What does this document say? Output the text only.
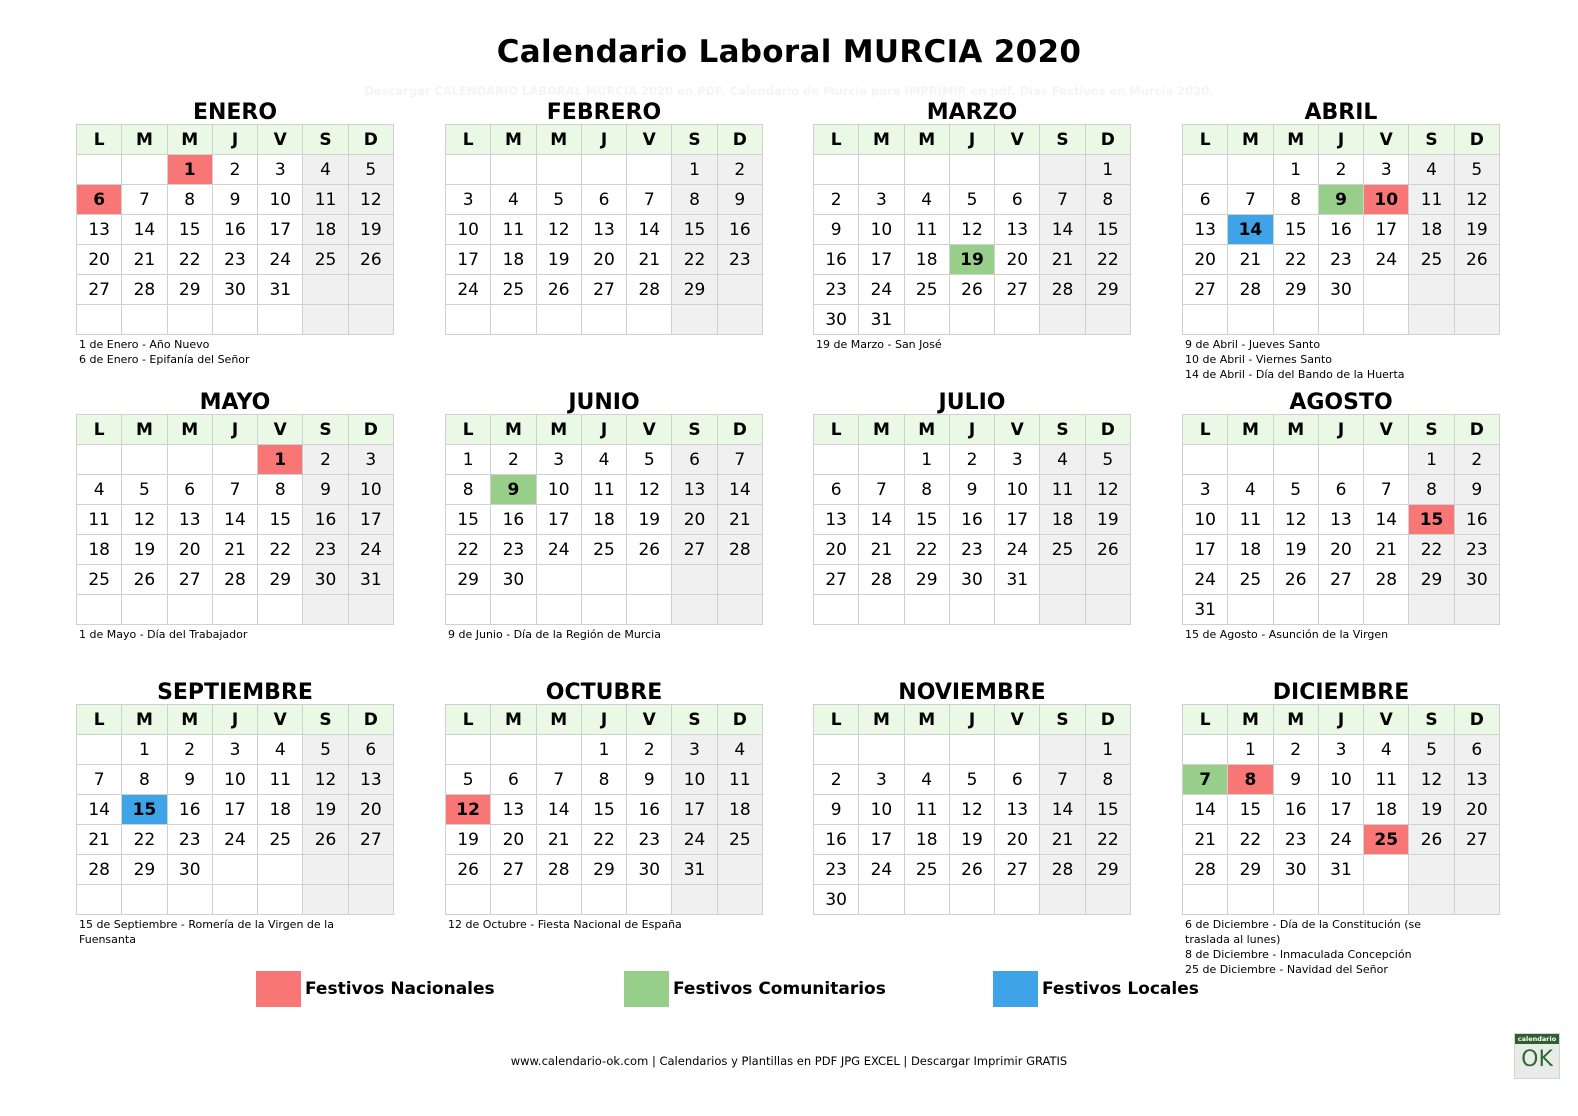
Calendario Laboral MURCIA 2020
Descargar CALENDARIO LABORAL MURCIA 2020 en PDF. Calendario de Murcia para IMPRIMIR en pdf. Días Festivos en Murcia 2020.
ENERO
L	M	M	J	V	S	D
		1	2	3	4	5
6	7	8	9	10	11	12
13	14	15	16	17	18	19
20	21	22	23	24	25	26
27	28	29	30	31		

1 de Enero - Año Nuevo
6 de Enero - Epifanía del Señor
FEBRERO
L	M	M	J	V	S	D
					1	2
3	4	5	6	7	8	9
10	11	12	13	14	15	16
17	18	19	20	21	22	23
24	25	26	27	28	29	

MARZO
L	M	M	J	V	S	D
						1
2	3	4	5	6	7	8
9	10	11	12	13	14	15
16	17	18	19	20	21	22
23	24	25	26	27	28	29
30	31					
19 de Marzo - San José
ABRIL
L	M	M	J	V	S	D
		1	2	3	4	5
6	7	8	9	10	11	12
13	14	15	16	17	18	19
20	21	22	23	24	25	26
27	28	29	30			

9 de Abril - Jueves Santo
10 de Abril - Viernes Santo
14 de Abril - Día del Bando de la Huerta
MAYO
L	M	M	J	V	S	D
				1	2	3
4	5	6	7	8	9	10
11	12	13	14	15	16	17
18	19	20	21	22	23	24
25	26	27	28	29	30	31

1 de Mayo - Día del Trabajador
JUNIO
L	M	M	J	V	S	D
1	2	3	4	5	6	7
8	9	10	11	12	13	14
15	16	17	18	19	20	21
22	23	24	25	26	27	28
29	30					

9 de Junio - Día de la Región de Murcia
JULIO
L	M	M	J	V	S	D
		1	2	3	4	5
6	7	8	9	10	11	12
13	14	15	16	17	18	19
20	21	22	23	24	25	26
27	28	29	30	31		

AGOSTO
L	M	M	J	V	S	D
					1	2
3	4	5	6	7	8	9
10	11	12	13	14	15	16
17	18	19	20	21	22	23
24	25	26	27	28	29	30
31						
15 de Agosto - Asunción de la Virgen
SEPTIEMBRE
L	M	M	J	V	S	D
	1	2	3	4	5	6
7	8	9	10	11	12	13
14	15	16	17	18	19	20
21	22	23	24	25	26	27
28	29	30				

15 de Septiembre - Romería de la Virgen de la Fuensanta
OCTUBRE
L	M	M	J	V	S	D
			1	2	3	4
5	6	7	8	9	10	11
12	13	14	15	16	17	18
19	20	21	22	23	24	25
26	27	28	29	30	31	

12 de Octubre - Fiesta Nacional de España
NOVIEMBRE
L	M	M	J	V	S	D
						1
2	3	4	5	6	7	8
9	10	11	12	13	14	15
16	17	18	19	20	21	22
23	24	25	26	27	28	29
30						
DICIEMBRE
L	M	M	J	V	S	D
	1	2	3	4	5	6
7	8	9	10	11	12	13
14	15	16	17	18	19	20
21	22	23	24	25	26	27
28	29	30	31			

6 de Diciembre - Día de la Constitución (se trasladа al lunes)
8 de Diciembre - Inmaculada Concepción
25 de Diciembre - Navidad del Señor
Festivos Nacionales	Festivos Comunitarios	Festivos Locales
www.calendario-ok.com | Calendarios y Plantillas en PDF JPG EXCEL | Descargar Imprimir GRATIS
calendario
OK
